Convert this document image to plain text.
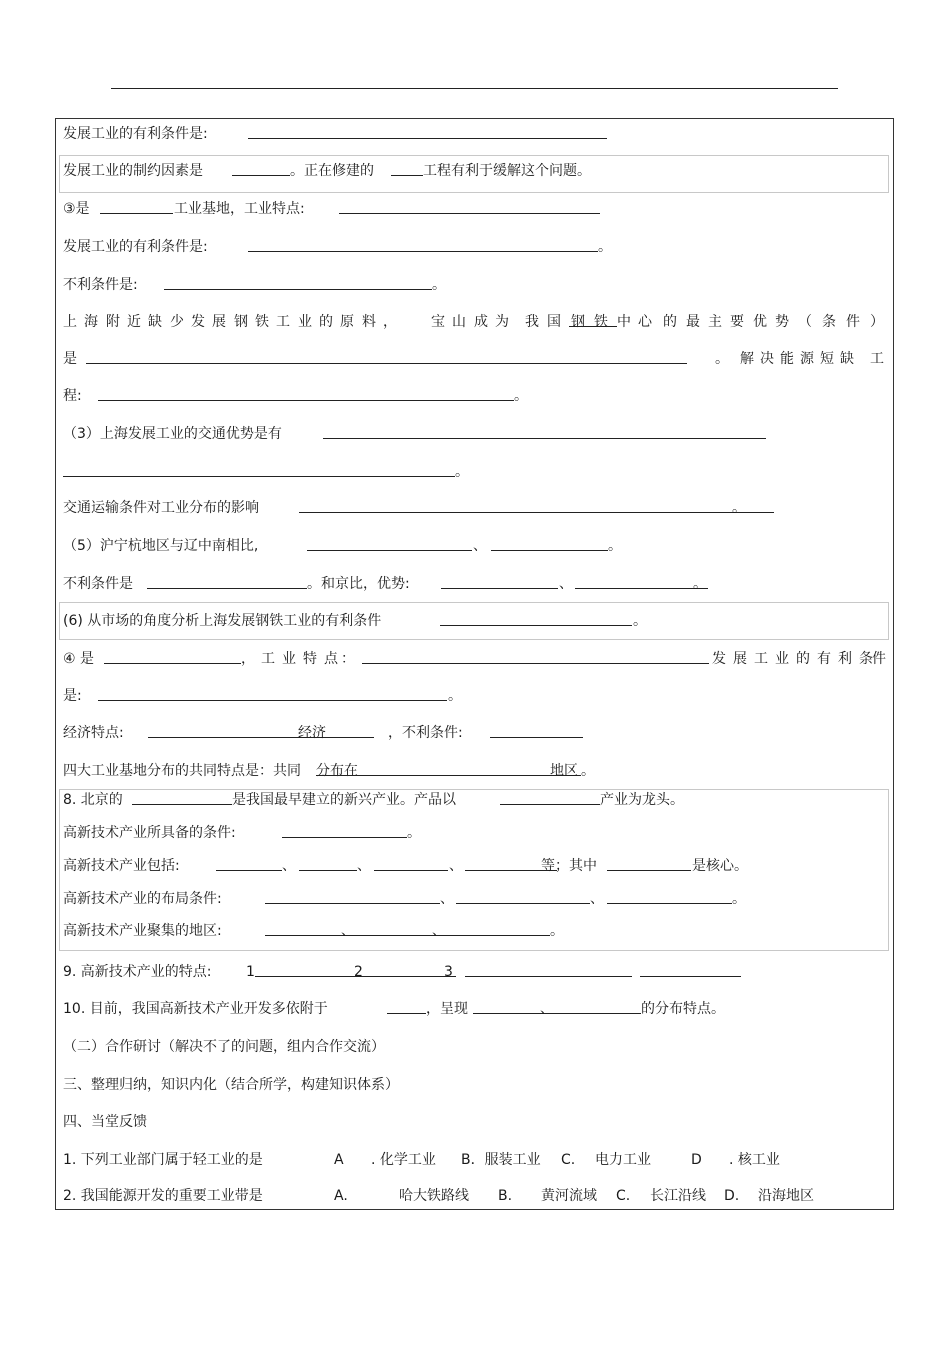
发展工业的有利条件是:
发展工业的制约因素是	。正在修建的	工程有利于缓解这个问题。
③是	工业基地，工业特点:
发展工业的有利条件是:	。
不利条件是:	。
上 海 附 近 缺 少 发 展 钢 铁 工 业 的 原 料 ， 宝 山 成 为 我 国 钢 铁 中 心 的 最 主 要 优 势 （ 条 件 ）
是	。 解 决 能 源 短 缺 工
程:	。
（3）上海发展工业的交通优势是有
。
交通运输条件对工业分布的影响	。
（5）沪宁杭地区与辽中南相比,	、	。
不利条件是	。和京比，优势:	、	。
(6) 从市场的角度分析上海发展钢铁工业的有利条件	。
④ 是	， 工 业 特 点 ：	发 展 工 业 的 有 利 条 件
是:	。
经济特点:	经济	，不利条件:
四大工业基地分布的共同特点是：共同 分布在	地区 。
8. 北京的	是我国最早建立的新兴产业。产品以	产业为龙头。
高新技术产业所具备的条件:	。
高新技术产业包括:	、	、	、	等；其中	是核心。
高新技术产业的布局条件:	、	、	。
高新技术产业聚集的地区:	、	、	。
9. 高新技术产业的特点: 1	2	3
10. 目前，我国高新技术产业开发多依附于	，呈现	、	的分布特点。
（二）合作研讨（解决不了的问题，组内合作交流）
三、整理归纳，知识内化（结合所学，构建知识体系）
四、当堂反馈
1. 下列工业部门属于轻工业的是	A . 化学工业 B．服装工业 C. 电力工业	D . 核工业
2. 我国能源开发的重要工业带是	A.	哈大铁路线 B. 黄河流域 C. 长江沿线 D. 沿海地区
